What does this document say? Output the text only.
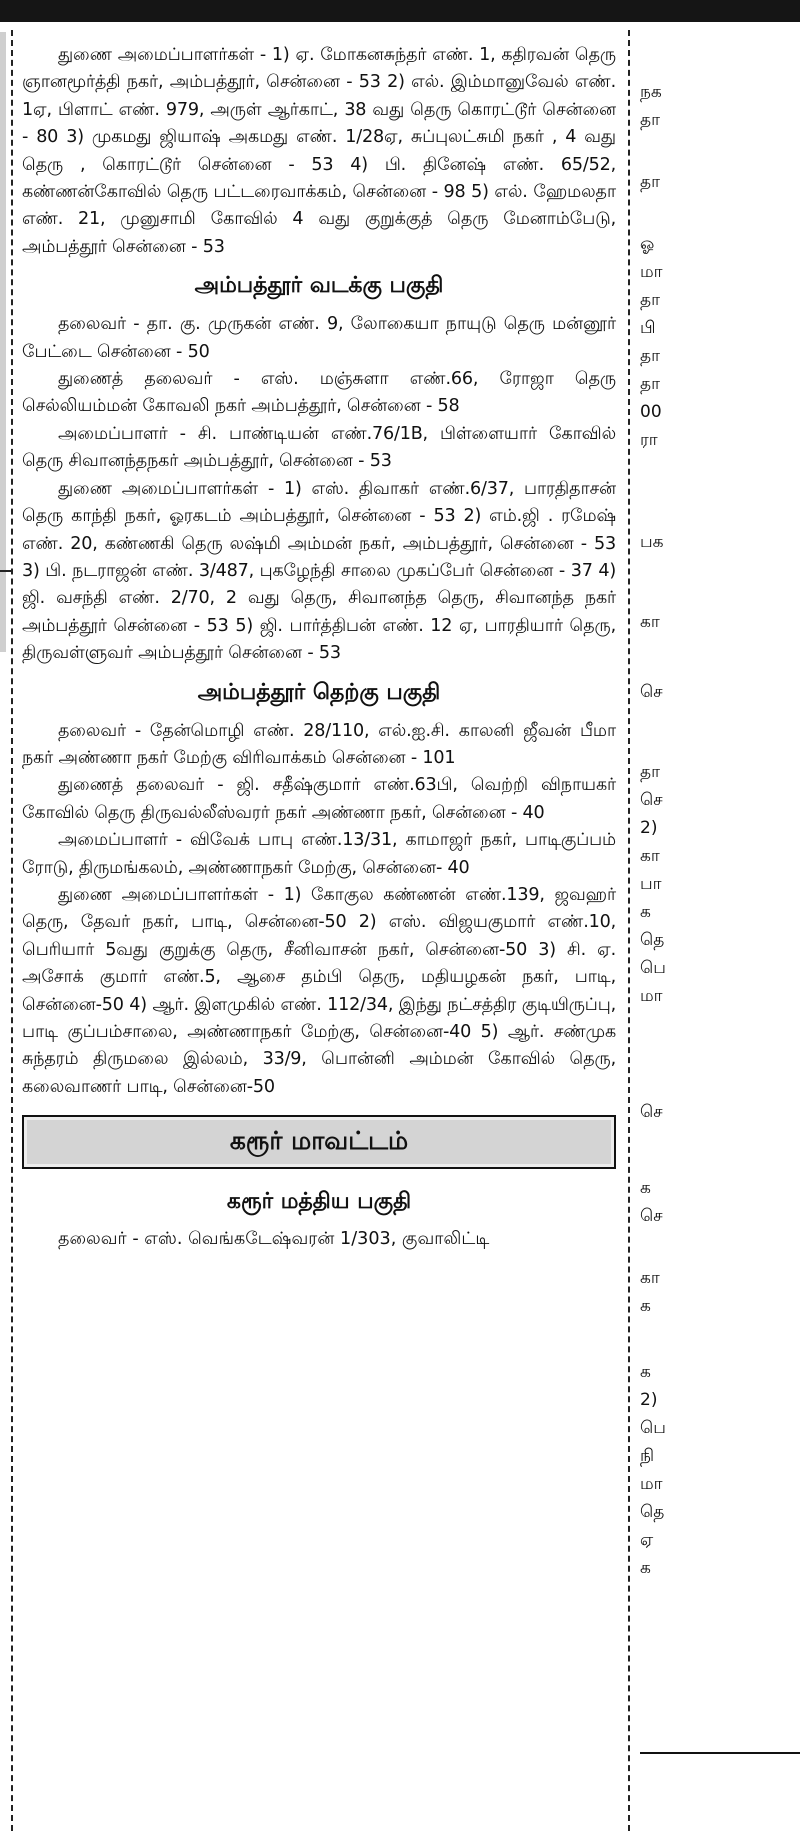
துணை அமைப்பாளர்கள் - 1) ஏ. மோகனசுந்தர் எண். 1, கதிரவன் தெரு ஞானமூர்த்தி நகர், அம்பத்தூர், சென்னை - 53 2) எல். இம்மானுவேல் எண். 1ஏ, பிளாட் எண். 979, அருள் ஆர்காட், 38 வது தெரு கொரட்டூர் சென்னை - 80 3) முகமது ஜியாஷ் அகமது எண். 1/28ஏ, சுப்புலட்சுமி நகர் , 4 வது தெரு , கொரட்டூர் சென்னை - 53 4) பி. தினேஷ் எண். 65/52, கண்ணன்கோவில் தெரு பட்டரைவாக்கம், சென்னை - 98 5) எல். ஹேமலதா எண். 21, முனுசாமி கோவில் 4 வது குறுக்குத் தெரு மேனாம்பேடு, அம்பத்தூர் சென்னை - 53

அம்பத்தூர் வடக்கு பகுதி

தலைவர் - தா. கு. முருகன் எண். 9, லோகையா நாயுடு தெரு மன்னூர் பேட்டை சென்னை - 50

துணைத் தலைவர் - எஸ். மஞ்சுளா எண்.66, ரோஜா தெரு செல்லியம்மன் கோவலி நகர் அம்பத்தூர், சென்னை - 58

அமைப்பாளர் - சி. பாண்டியன் எண்.76/1B, பிள்ளையார் கோவில் தெரு சிவானந்தநகர் அம்பத்தூர், சென்னை - 53

துணை அமைப்பாளர்கள் - 1) எஸ். திவாகர் எண்.6/37, பாரதிதாசன் தெரு காந்தி நகர், ஓரகடம் அம்பத்தூர், சென்னை - 53 2) எம்.ஜி . ரமேஷ் எண். 20, கண்ணகி தெரு லஷ்மி அம்மன் நகர், அம்பத்தூர், சென்னை - 53 3) பி. நடராஜன் எண். 3/487, புகழேந்தி சாலை முகப்பேர் சென்னை - 37 4) ஜி. வசந்தி எண். 2/70, 2 வது தெரு, சிவானந்த தெரு, சிவானந்த நகர் அம்பத்தூர் சென்னை - 53 5) ஜி. பார்த்திபன் எண். 12 ஏ, பாரதியார் தெரு, திருவள்ளுவர் அம்பத்தூர் சென்னை - 53

அம்பத்தூர் தெற்கு பகுதி

தலைவர் - தேன்மொழி எண். 28/110, எல்.ஐ.சி. காலனி ஜீவன் பீமா நகர் அண்ணா நகர் மேற்கு விரிவாக்கம் சென்னை - 101

துணைத் தலைவர் - ஜி. சதீஷ்குமார் எண்.63பி, வெற்றி விநாயகர் கோவில் தெரு திருவல்லீஸ்வரர் நகர் அண்ணா நகர், சென்னை - 40

அமைப்பாளர் - விவேக் பாபு எண்.13/31, காமாஜர் நகர், பாடிகுப்பம் ரோடு, திருமங்கலம், அண்ணாநகர் மேற்கு, சென்னை- 40

துணை அமைப்பாளர்கள் - 1) கோகுல கண்ணன் எண்.139, ஜவஹர் தெரு, தேவர் நகர், பாடி, சென்னை-50 2) எஸ். விஜயகுமார் எண்.10, பெரியார் 5வது குறுக்கு தெரு, சீனிவாசன் நகர், சென்னை-50 3) சி. ஏ. அசோக் குமார் எண்.5, ஆசை தம்பி தெரு, மதியழகன் நகர், பாடி, சென்னை-50 4) ஆர். இளமுகில் எண். 112/34, இந்து நட்சத்திர குடியிருப்பு, பாடி குப்பம்சாலை, அண்ணாநகர் மேற்கு, சென்னை-40 5) ஆர். சண்முக சுந்தரம் திருமலை இல்லம், 33/9, பொன்னி அம்மன் கோவில் தெரு, கலைவாணர் பாடி, சென்னை-50

கரூர் மாவட்டம்
கரூர் மத்திய பகுதி

தலைவர் - எஸ். வெங்கடேஷ்வரன் 1/303, குவாலிட்டி

நக
தா
தா
ஓ
மா
தா
பி
தா
தா
00
ரா
பக
கா
செ
தா
செ
2)
கா
பா
க
தெ
பெ
மா
செ
க
செ
கா
க
க
2)
பெ
நி
மா
தெ
ஏ
க
